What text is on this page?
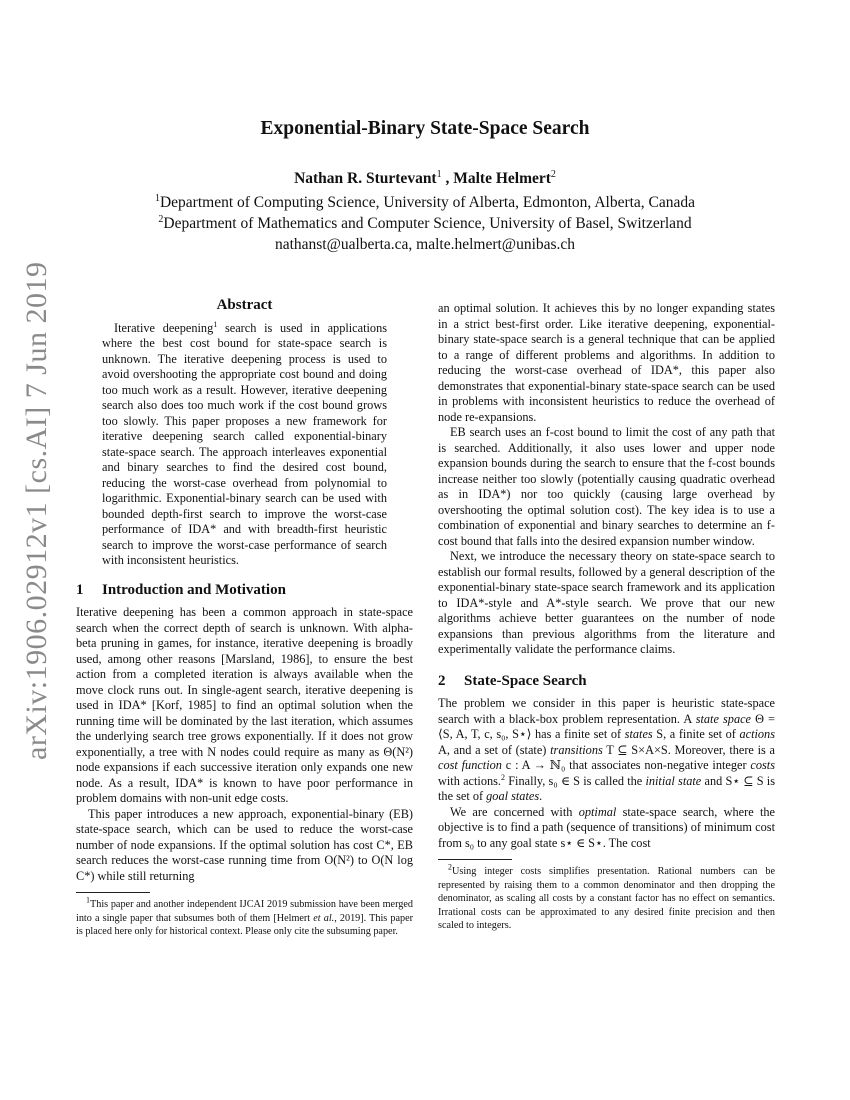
arXiv:1906.02912v1 [cs.AI] 7 Jun 2019
Exponential-Binary State-Space Search
Nathan R. Sturtevant$^1$ , Malte Helmert$^2$
$^1$Department of Computing Science, University of Alberta, Edmonton, Alberta, Canada
$^2$Department of Mathematics and Computer Science, University of Basel, Switzerland
nathanst@ualberta.ca, malte.helmert@unibas.ch
Abstract

Iterative deepening$^1$ search is used in applications where the best cost bound for state-space search is unknown. The iterative deepening process is used to avoid overshooting the appropriate cost bound and doing too much work as a result. However, iterative deepening search also does too much work if the cost bound grows too slowly. This paper proposes a new framework for iterative deepening search called exponential-binary state-space search. The approach interleaves exponential and binary searches to find the desired cost bound, reducing the worst-case overhead from polynomial to logarithmic. Exponential-binary search can be used with bounded depth-first search to improve the worst-case performance of IDA* and with breadth-first heuristic search to improve the worst-case performance of search with inconsistent heuristics.

1 Introduction and Motivation

Iterative deepening has been a common approach in state-space search when the correct depth of search is unknown. With alpha-beta pruning in games, for instance, iterative deepening is broadly used, among other reasons [Marsland, 1986], to ensure the best action from a completed iteration is always available when the move clock runs out. In single-agent search, iterative deepening is used in IDA* [Korf, 1985] to find an optimal solution when the running time will be dominated by the last iteration, which assumes the underlying search tree grows exponentially. If it does not grow exponentially, a tree with N nodes could require as many as Θ(N²) node expansions if each successive iteration only expands one new node. As a result, IDA* is known to have poor performance in problem domains with non-unit edge costs.

This paper introduces a new approach, exponential-binary (EB) state-space search, which can be used to reduce the worst-case number of node expansions. If the optimal solution has cost C*, EB search reduces the worst-case running time from O(N²) to O(N log C*) while still returning

$^1$This paper and another independent IJCAI 2019 submission have been merged into a single paper that subsumes both of them [Helmert et al., 2019]. This paper is placed here only for historical context. Please only cite the subsuming paper.

an optimal solution. It achieves this by no longer expanding states in a strict best-first order. Like iterative deepening, exponential-binary state-space search is a general technique that can be applied to a range of different problems and algorithms. In addition to reducing the worst-case overhead of IDA*, this paper also demonstrates that exponential-binary state-space search can be used in problems with inconsistent heuristics to reduce the overhead of node re-expansions.

EB search uses an f-cost bound to limit the cost of any path that is searched. Additionally, it also uses lower and upper node expansion bounds during the search to ensure that the f-cost bounds increase neither too slowly (potentially causing quadratic overhead as in IDA*) nor too quickly (causing large overhead by overshooting the optimal solution cost). The key idea is to use a combination of exponential and binary searches to determine an f-cost bound that falls into the desired expansion number window.

Next, we introduce the necessary theory on state-space search to establish our formal results, followed by a general description of the exponential-binary state-space search framework and its application to IDA*-style and A*-style search. We prove that our new algorithms achieve better guarantees on the number of node expansions than previous algorithms from the literature and experimentally validate the performance claims.

2 State-Space Search

The problem we consider in this paper is heuristic state-space search with a black-box problem representation. A state space Θ = ⟨S, A, T, c, s₀, S⋆⟩ has a finite set of states S, a finite set of actions A, and a set of (state) transitions T ⊆ S×A×S. Moreover, there is a cost function c : A → ℕ₀ that associates non-negative integer costs with actions.$^2$ Finally, s₀ ∈ S is called the initial state and S⋆ ⊆ S is the set of goal states.

We are concerned with optimal state-space search, where the objective is to find a path (sequence of transitions) of minimum cost from s₀ to any goal state s⋆ ∈ S⋆. The cost

$^2$Using integer costs simplifies presentation. Rational numbers can be represented by raising them to a common denominator and then dropping the denominator, as scaling all costs by a constant factor has no effect on semantics. Irrational costs can be approximated to any desired finite precision and then scaled to integers.
